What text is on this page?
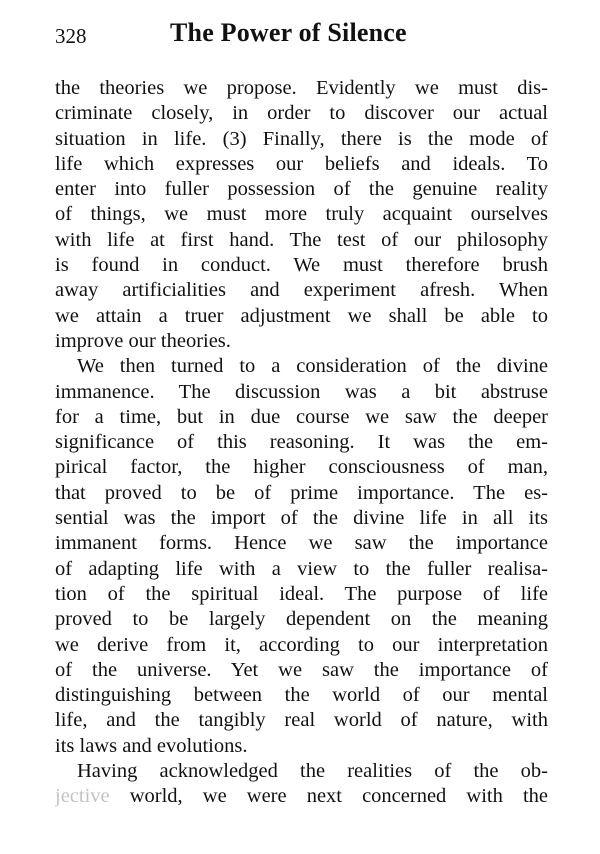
328	The Power of Silence
the theories we propose. Evidently we must dis-
criminate closely, in order to discover our actual
situation in life. (3) Finally, there is the mode of
life which expresses our beliefs and ideals. To
enter into fuller possession of the genuine reality
of things, we must more truly acquaint ourselves
with life at first hand. The test of our philosophy
is found in conduct. We must therefore brush
away artificialities and experiment afresh. When
we attain a truer adjustment we shall be able to
improve our theories.
We then turned to a consideration of the divine
immanence. The discussion was a bit abstruse
for a time, but in due course we saw the deeper
significance of this reasoning. It was the em-
pirical factor, the higher consciousness of man,
that proved to be of prime importance. The es-
sential was the import of the divine life in all its
immanent forms. Hence we saw the importance
of adapting life with a view to the fuller realisa-
tion of the spiritual ideal. The purpose of life
proved to be largely dependent on the meaning
we derive from it, according to our interpretation
of the universe. Yet we saw the importance of
distinguishing between the world of our mental
life, and the tangibly real world of nature, with
its laws and evolutions.
Having acknowledged the realities of the ob-
jective world, we were next concerned with the
